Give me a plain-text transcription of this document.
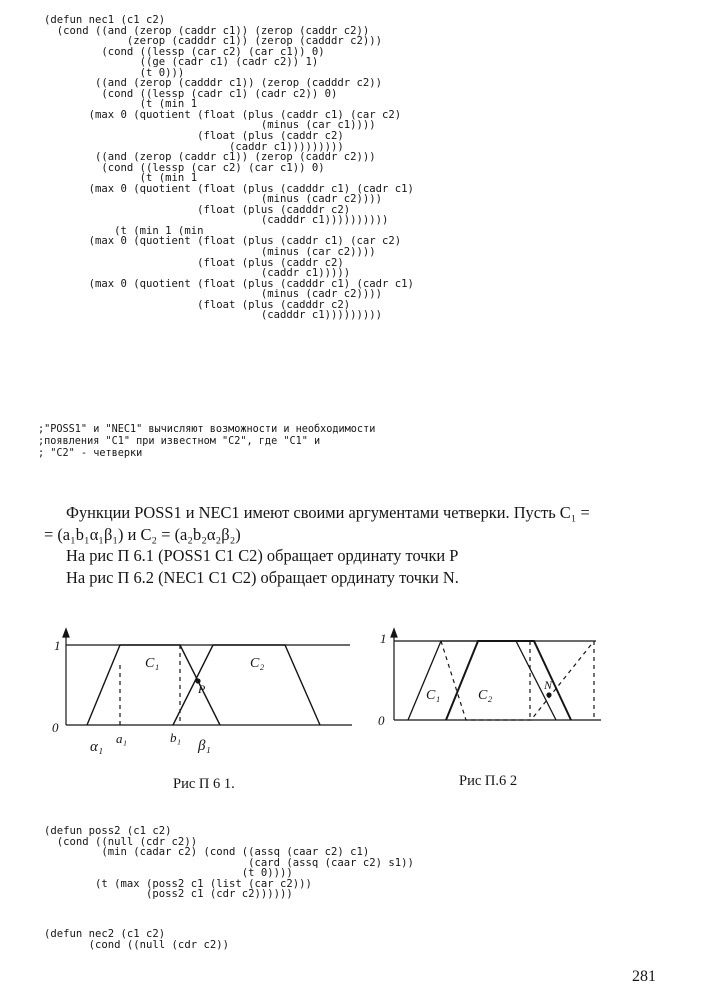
(defun nec1 (c1 c2)
(cond ((and (zerop (caddr c1)) (zerop (caddr c2))
(zerop (cadddr c1)) (zerop (cadddr c2)))
(cond ((lessp (car c2) (car c1)) 0)
((ge (cadr c1) (cadr c2)) 1)
(t 0)))
((and (zerop (cadddr c1)) (zerop (cadddr c2))
(cond ((lessp (cadr c1) (cadr c2)) 0)
(t (min 1
(max 0 (quotient (float (plus (caddr c1) (car c2)
(minus (car c1))))
(float (plus (caddr c2)
(caddr c1)))))))))
((and (zerop (caddr c1)) (zerop (caddr c2)))
(cond ((lessp (car c2) (car c1)) 0)
(t (min 1
(max 0 (quotient (float (plus (cadddr c1) (cadr c1)
(minus (cadr c2))))
(float (plus (cadddr c2)
(cadddr c1))))))))))
(t (min 1 (min
(max 0 (quotient (float (plus (caddr c1) (car c2)
(minus (car c2))))
(float (plus (caddr c2)
(caddr c1)))))
(max 0 (quotient (float (plus (cadddr c1) (cadr c1)
(minus (cadr c2))))
(float (plus (cadddr c2)
(cadddr c1)))))))))
;"POSS1" и "NEC1" вычисляют возможности и необходимости
;появления "C1" при известном "C2", где "C1" и
; "C2" - четверки

Функции POSS1 и NEC1 имеют своими аргументами четверки. Пусть C₁ =

= (a₁b₁α₁β₁) и C₂ = (a₂b₂α₂β₂)

На рис П 6.1 (POSS1 C1 C2) обращает ординату точки P

На рис П 6.2 (NEC1 C1 C2) обращает ординату точки N.

1
0
C₁	C₂
P
a₁	b₁
α₁	β₁
1
0
C₁	C₂
N

Рис П 6 1.	Рис П.6 2

(defun poss2 (c1 c2)
(cond ((null (cdr c2))
(min (cadar c2) (cond ((assq (caar c2) c1)
(card (assq (caar c2) s1))
(t 0))))
(t (max (poss2 c1 (list (car c2)))
(poss2 c1 (cdr c2))))))
(defun nec2 (c1 c2)
(cond ((null (cdr c2))

281
